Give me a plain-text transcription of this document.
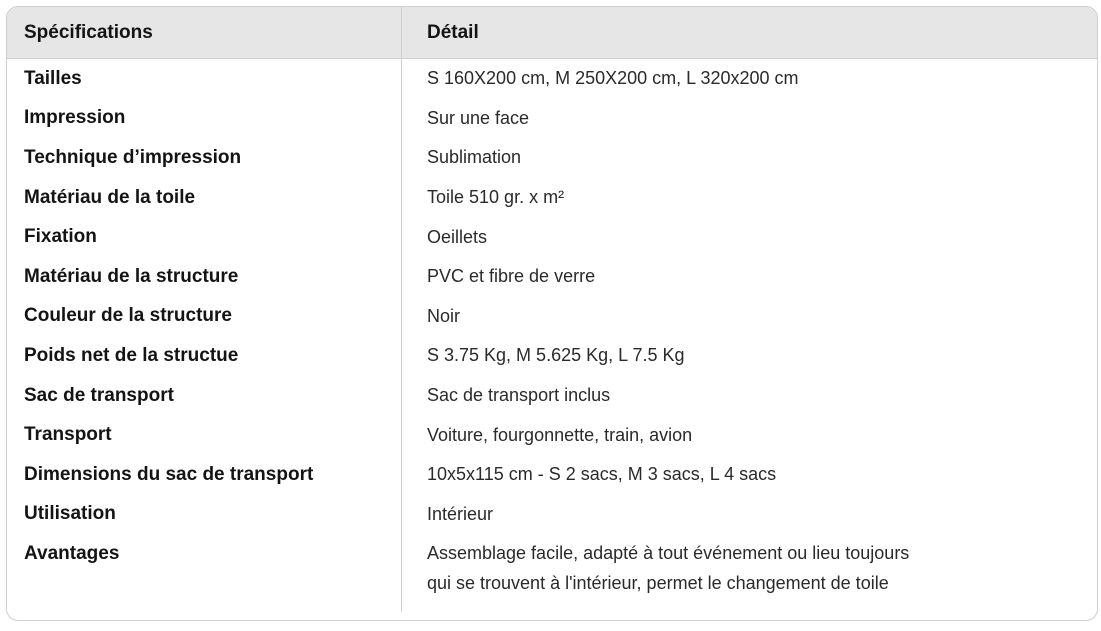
Spécifications	Détail
Tailles	S 160X200 cm, M 250X200 cm, L 320x200 cm
Impression	Sur une face
Technique d’impression	Sublimation
Matériau de la toile	Toile 510 gr. x m²
Fixation	Oeillets
Matériau de la structure	PVC et fibre de verre
Couleur de la structure	Noir
Poids net de la structue	S 3.75 Kg, M 5.625 Kg, L 7.5 Kg
Sac de transport	Sac de transport inclus
Transport	Voiture, fourgonnette, train, avion
Dimensions du sac de transport	10x5x115 cm - S 2 sacs, M 3 sacs, L 4 sacs
Utilisation	Intérieur
Avantages	Assemblage facile, adapté à tout événement ou lieu toujours
qui se trouvent à l'intérieur, permet le changement de toile
